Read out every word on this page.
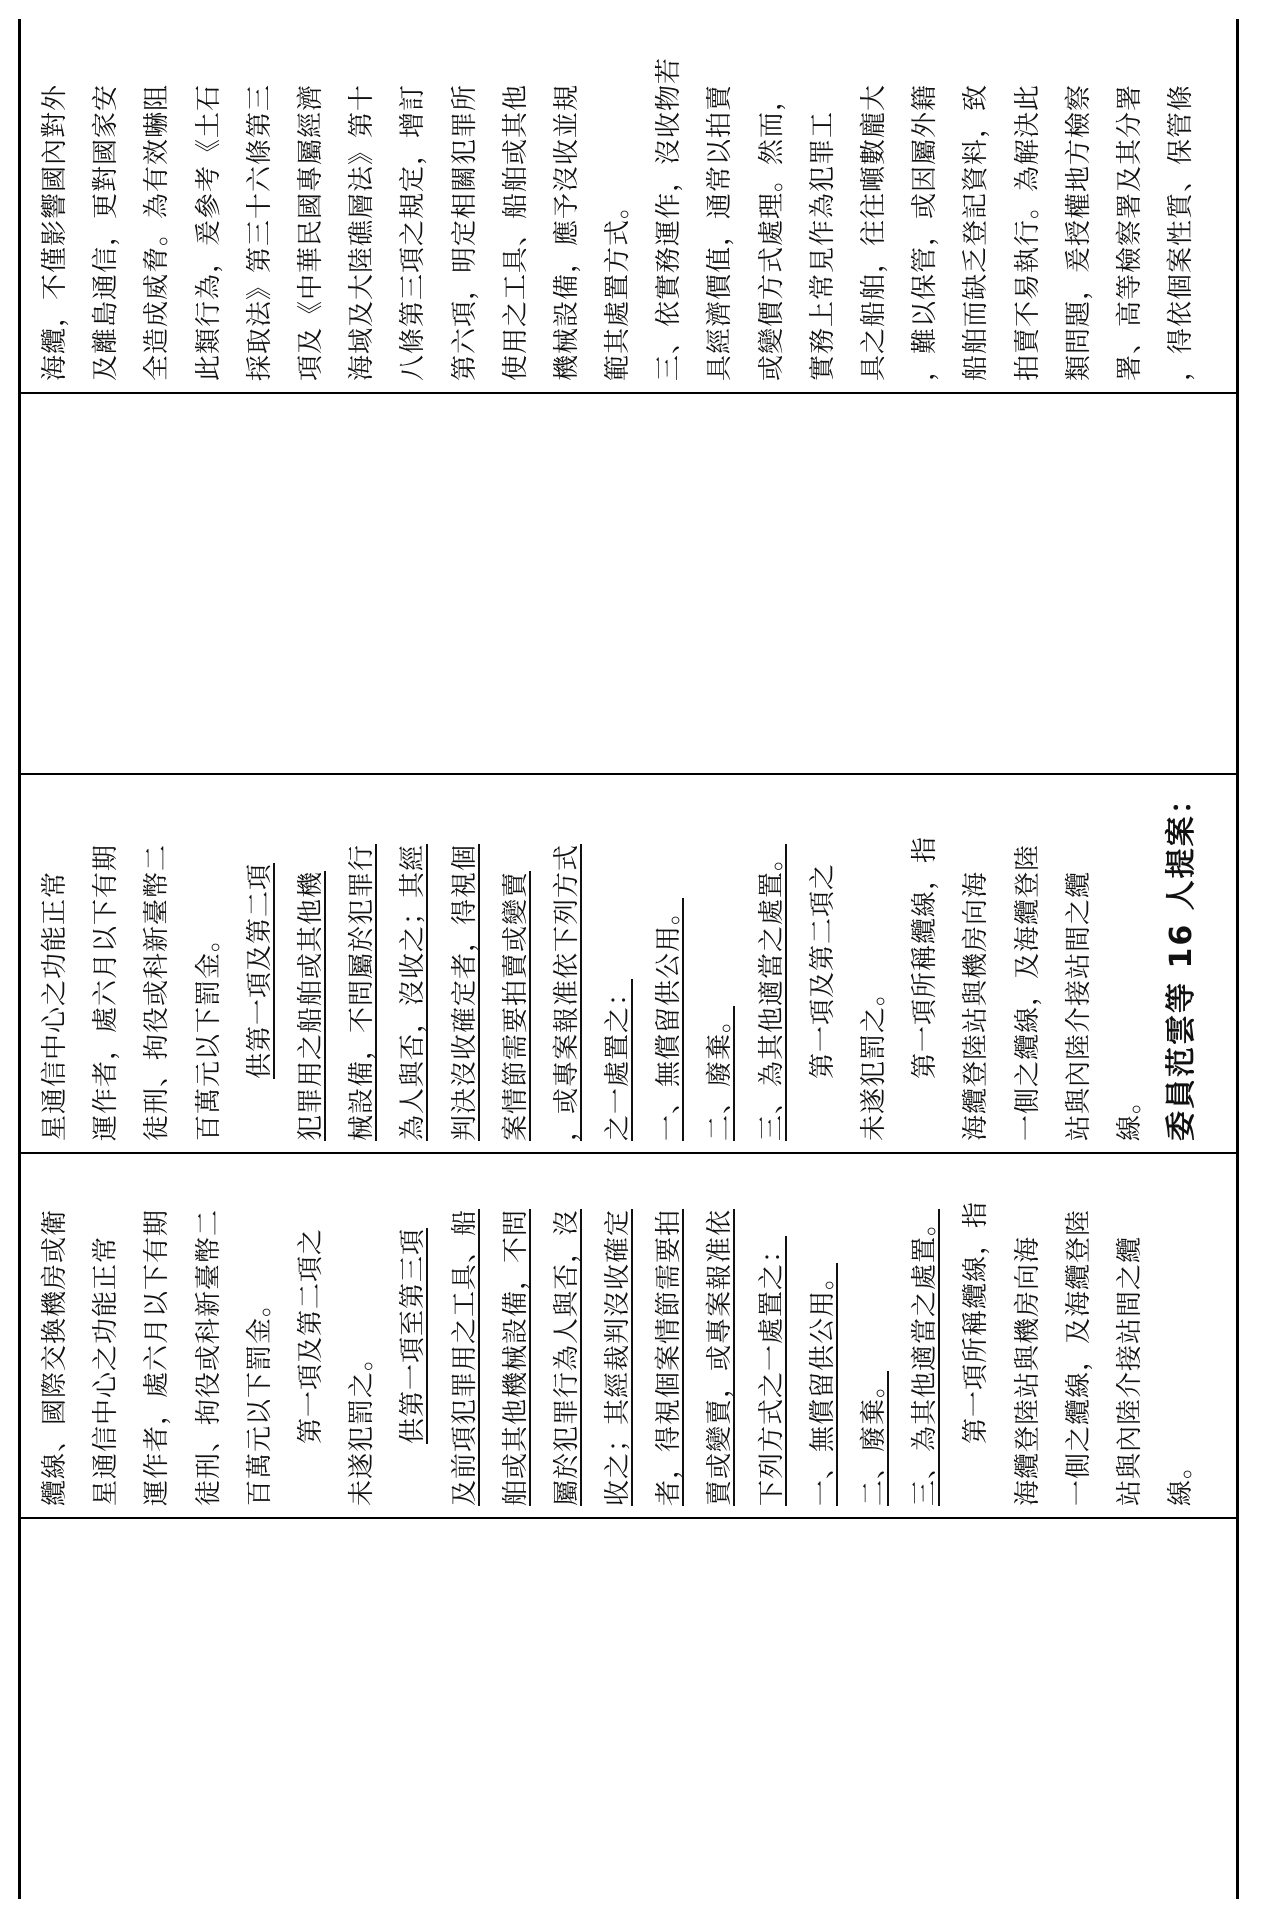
海纜，不僅影響國內對外 及離島通信，更對國家安 全造成威脅。為有效嚇阻 此類行為，爰參考《土石 採取法》第三十六條第三 項及《中華民國專屬經濟 海域及大陸礁層法》第十 八條第三項之規定，增訂 第六項，明定相關犯罪所 使用之工具、船舶或其他 機械設備，應予沒收並規 範其處置方式。 三、依實務運作，沒收物若 具經濟價值，通常以拍賣 或變價方式處理。然而， 實務上常見作為犯罪工 具之船舶，往往噸數龐大 ，難以保管，或因屬外籍 船舶而缺乏登記資料，致 拍賣不易執行。為解決此 類問題，爰授權地方檢察 署、高等檢察署及其分署 ，得依個案性質、保管條
星通信中心之功能正常 運作者，處六月以下有期 徒刑、拘役或科新臺幣二 百萬元以下罰金。 供第一項及第二項 犯罪用之船舶或其他機 械設備，不問屬於犯罪行 為人與否，沒收之；其經 判決沒收確定者，得視個 案情節需要拍賣或變賣 ，或專案報准依下列方式 之一處置之： 一、無償留供公用。 二、廢棄。 三、為其他適當之處置。 第一項及第二項之 未遂犯罰之。 第一項所稱纜線，指 海纜登陸站與機房向海 一側之纜線，及海纜登陸 站與內陸介接站間之纜 線。 委員范雲等 16 人提案：
纜線、國際交換機房或衛 星通信中心之功能正常 運作者，處六月以下有期 徒刑、拘役或科新臺幣二 百萬元以下罰金。 第一項及第二項之 未遂犯罰之。 供第一項至第三項 及前項犯罪用之工具、船 舶或其他機械設備，不問 屬於犯罪行為人與否，沒 收之；其經裁判沒收確定 者，得視個案情節需要拍 賣或變賣，或專案報准依 下列方式之一處置之： 一、無償留供公用。 二、廢棄。 三、為其他適當之處置。 第一項所稱纜線，指 海纜登陸站與機房向海 一側之纜線，及海纜登陸 站與內陸介接站間之纜 線。
